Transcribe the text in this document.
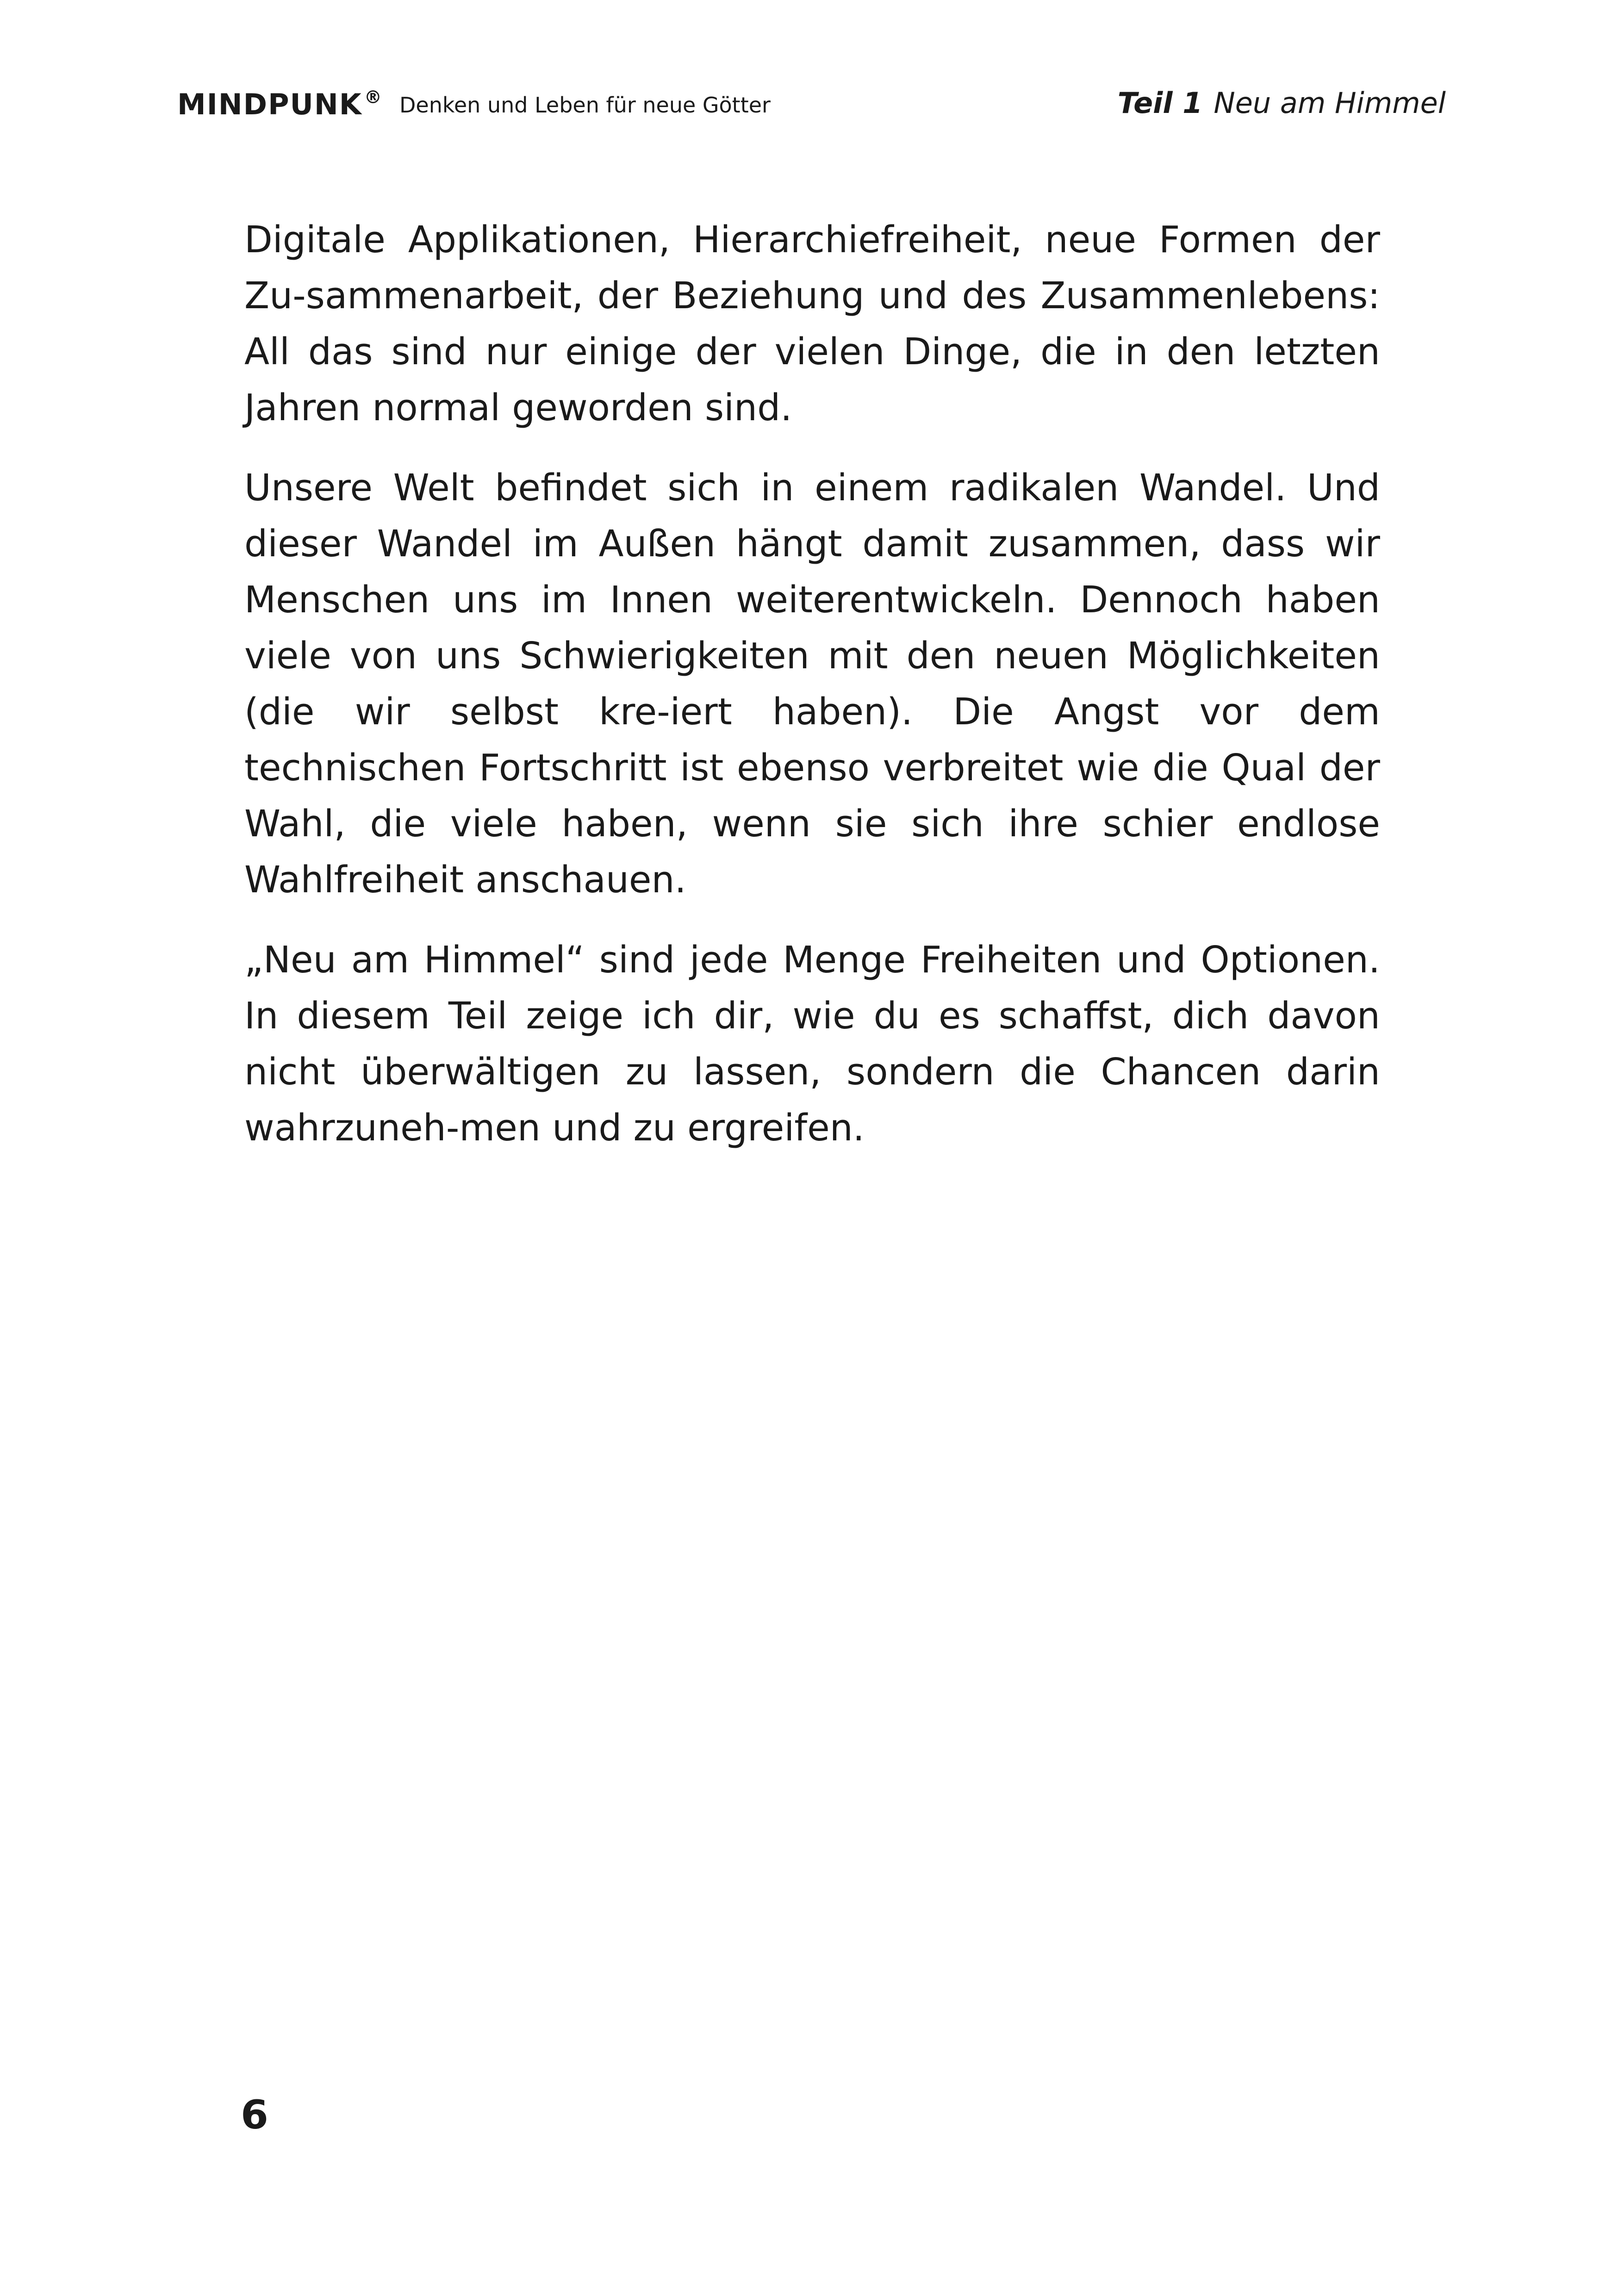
MINDPUNK ® Denken und Leben für neue Götter	Teil 1 Neu am Himmel

Digitale Applikationen, Hierarchiefreiheit, neue Formen der Zu-sammenarbeit, der Beziehung und des Zusammenlebens: All das sind nur einige der vielen Dinge, die in den letzten Jahren normal geworden sind.

Unsere Welt befindet sich in einem radikalen Wandel. Und dieser Wandel im Außen hängt damit zusammen, dass wir Menschen uns im Innen weiterentwickeln. Dennoch haben viele von uns Schwierigkeiten mit den neuen Möglichkeiten (die wir selbst kre-iert haben). Die Angst vor dem technischen Fortschritt ist ebenso verbreitet wie die Qual der Wahl, die viele haben, wenn sie sich ihre schier endlose Wahlfreiheit anschauen.

„Neu am Himmel“ sind jede Menge Freiheiten und Optionen. In diesem Teil zeige ich dir, wie du es schaffst, dich davon nicht überwältigen zu lassen, sondern die Chancen darin wahrzuneh-men und zu ergreifen.

6
